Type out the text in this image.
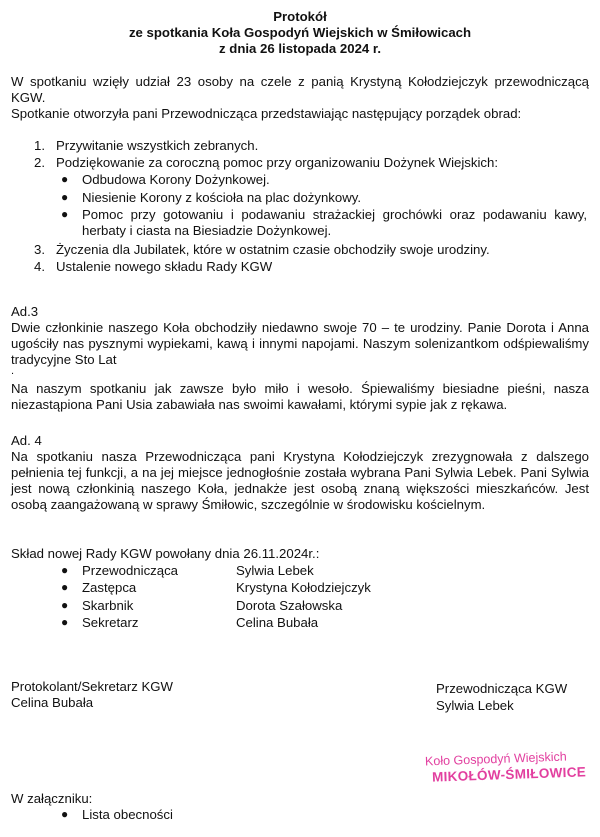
Protokół
ze spotkania Koła Gospodyń Wiejskich w Śmiłowicach
z dnia 26 listopada 2024 r.
W spotkaniu wzięły udział 23 osoby na czele z panią Krystyną Kołodziejczyk przewodniczącą KGW.
Spotkanie otworzyła pani Przewodnicząca przedstawiając następujący porządek obrad:
1. Przywitanie wszystkich zebranych.
2. Podziękowanie za coroczną pomoc przy organizowaniu Dożynek Wiejskich:
● Odbudowa Korony Dożynkowej.
● Niesienie Korony z kościoła na plac dożynkowy.
● Pomoc przy gotowaniu i podawaniu strażackiej grochówki oraz podawaniu kawy, herbaty i ciasta na Biesiadzie Dożynkowej.
3. Życzenia dla Jubilatek, które w ostatnim czasie obchodziły swoje urodziny.
4. Ustalenie nowego składu Rady KGW
Ad.3
Dwie członkinie naszego Koła obchodziły niedawno swoje 70 – te urodziny. Panie Dorota i Anna ugościły nas pysznymi wypiekami, kawą i innymi napojami. Naszym solenizantkom odśpiewaliśmy tradycyjne Sto Lat
.
Na naszym spotkaniu jak zawsze było miło i wesoło. Śpiewaliśmy biesiadne pieśni, nasza niezastąpiona Pani Usia zabawiała nas swoimi kawałami, którymi sypie jak z rękawa.
Ad. 4
Na spotkaniu nasza Przewodnicząca pani Krystyna Kołodziejczyk zrezygnowała z dalszego pełnienia tej funkcji, a na jej miejsce jednogłośnie została wybrana Pani Sylwia Lebek. Pani Sylwia jest nową członkinią naszego Koła, jednakże jest osobą znaną większości mieszkańców. Jest osobą zaangażowaną w sprawy Śmiłowic, szczególnie w środowisku kościelnym.
Skład nowej Rady KGW powołany dnia 26.11.2024r.:
● Przewodnicząca	Sylwia Lebek
● Zastępca	Krystyna Kołodziejczyk
● Skarbnik	Dorota Szałowska
● Sekretarz	Celina Bubała
Protokolant/Sekretarz KGW
Celina Bubała
Przewodnicząca KGW
Sylwia Lebek
Koło Gospodyń Wiejskich
MIKOŁÓW-ŚMIŁOWICE
W załączniku:
● Lista obecności
